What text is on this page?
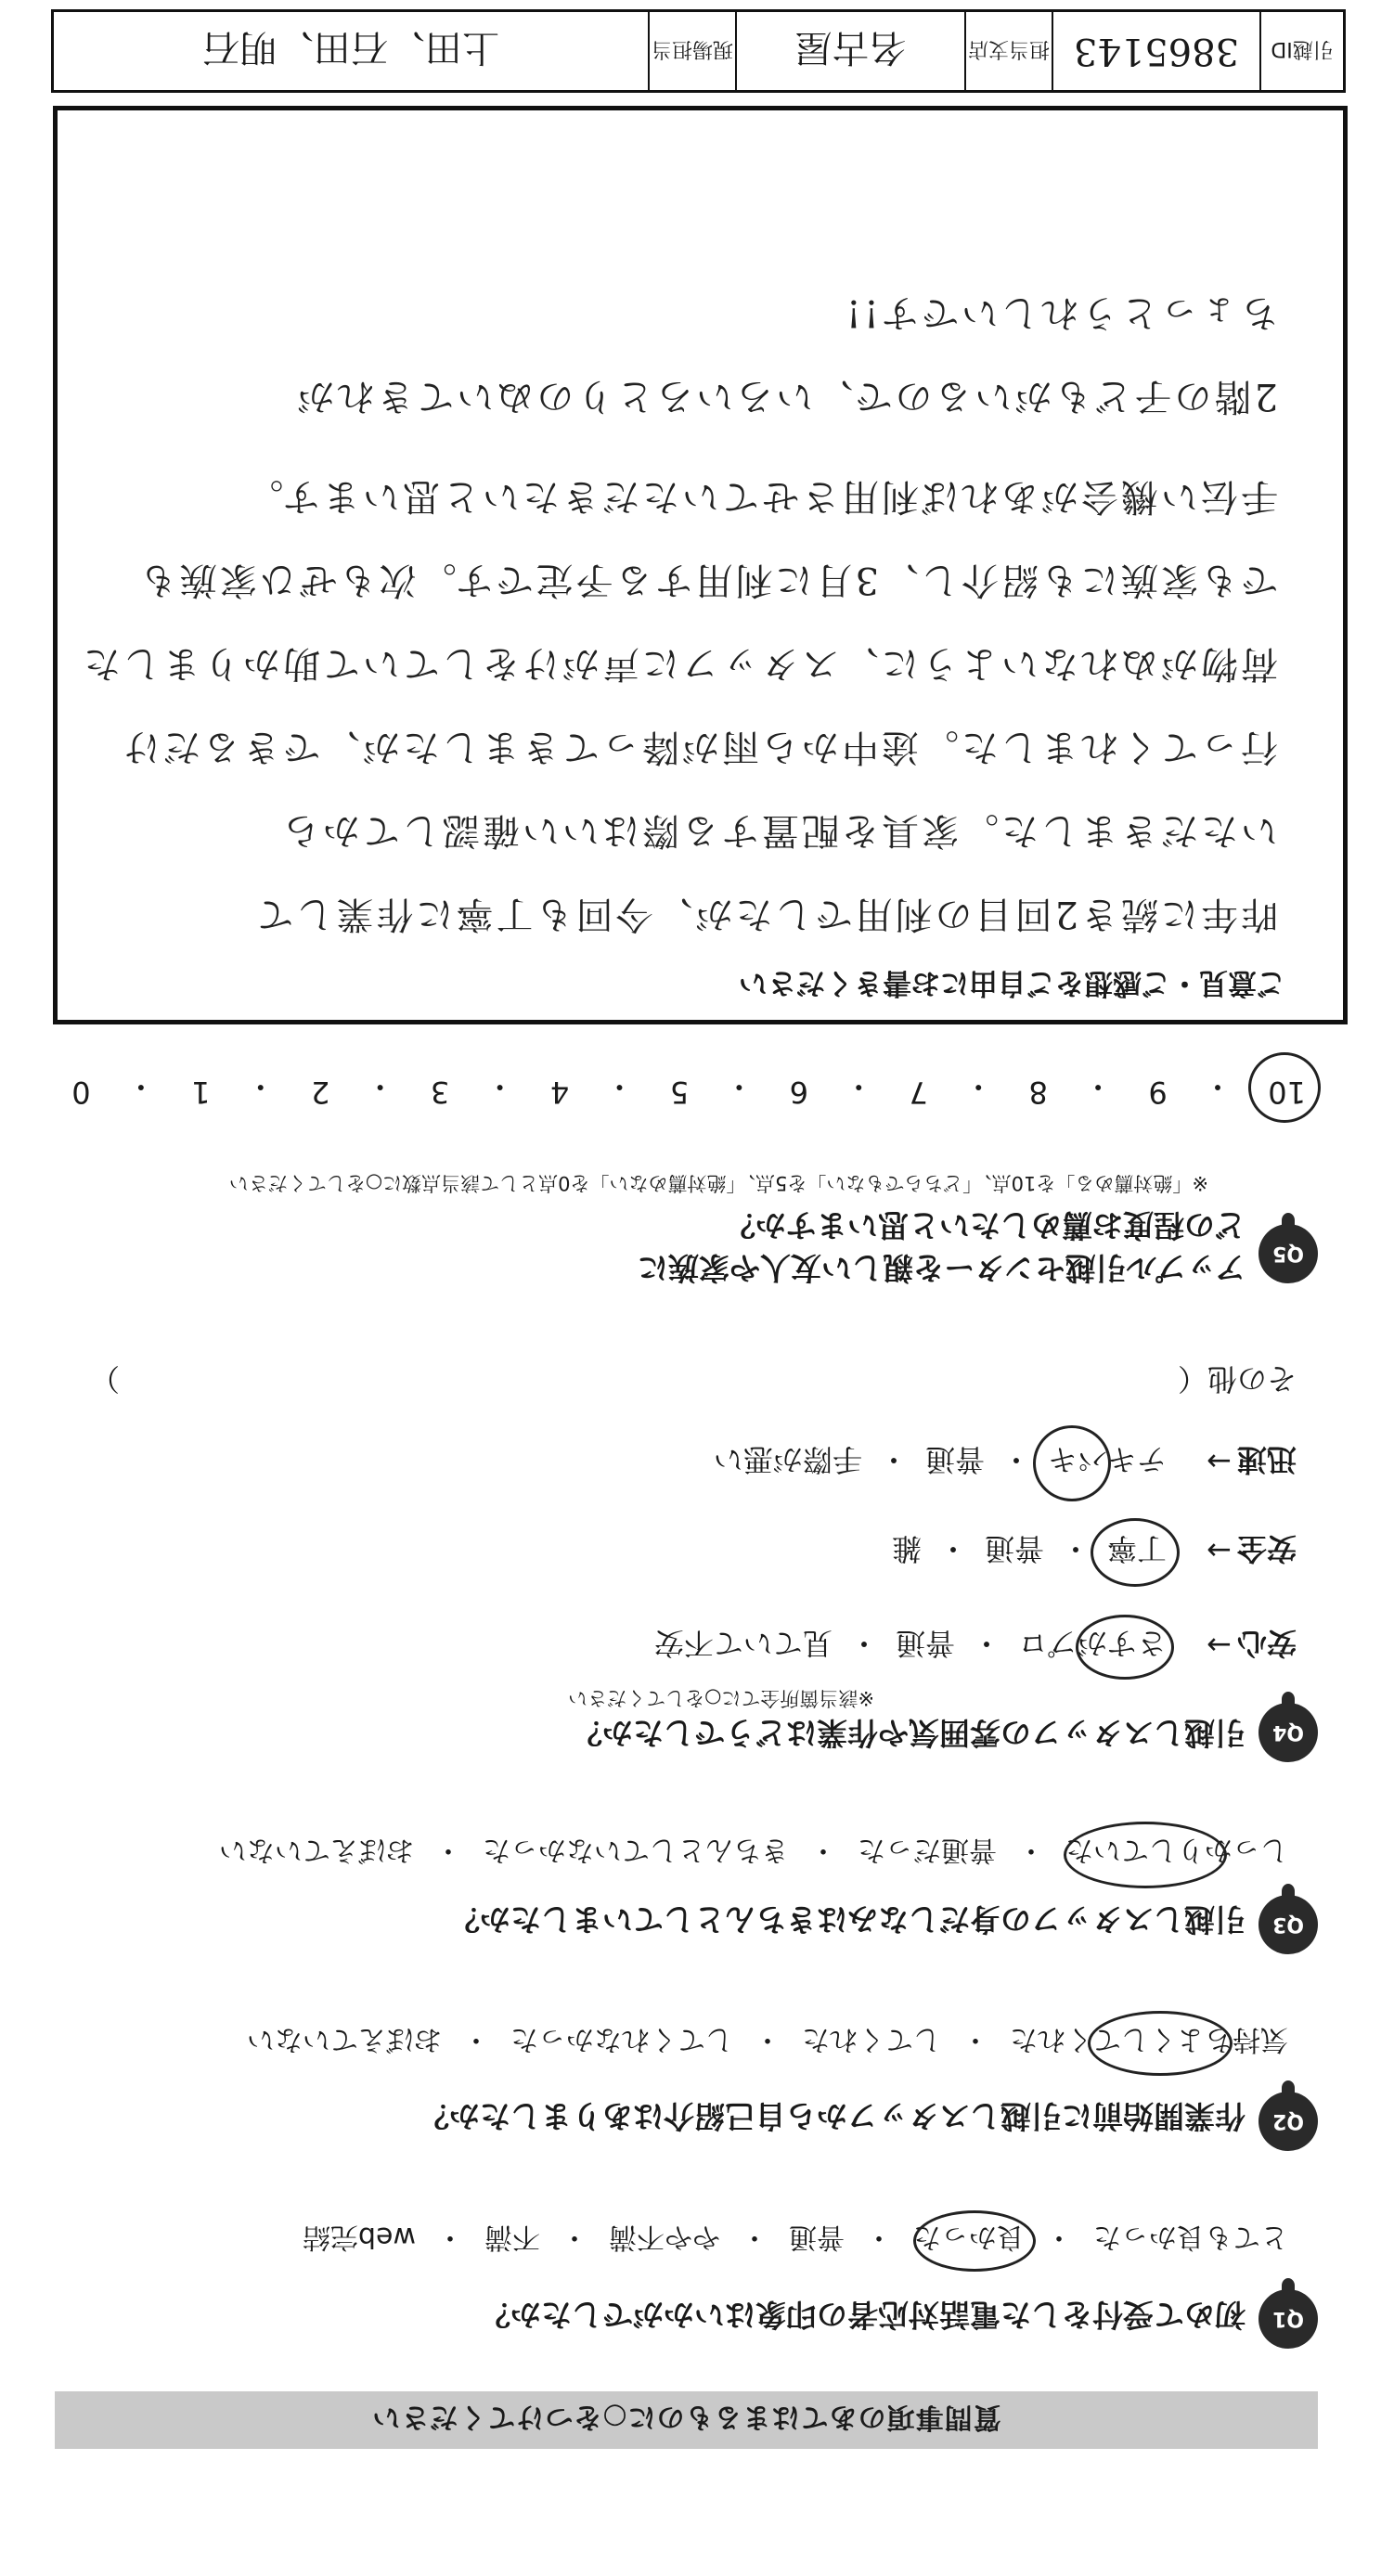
質問事項のあてはまるものに○をつけてください
Q1
初めて受付をした電話対応者の印象はいかがでしたか？
とても良かった
・
良かった
・
普通
・
やや不満
・
不満
・
web完結
Q2
作業開始前に引越しスタッフから自己紹介はありましたか？
気持ちよくしてくれた
・
してくれた
・
してくれなかった
・
おぼえていない
Q3
引越しスタッフの身だしなみはきちんとしていましたか？
しっかりしていた
・
普通だった
・
きちんとしていなかった
・
おぼえていない
Q4
引越しスタッフの雰囲気や作業はどうでしたか？
※該当箇所全てに○をしてください
安心
→
さすがプロ
・
普通
・
見ていて不安
安全
→
丁寧
・
普通
・
雑
迅速
→
テキパキ
・
普通
・
手際が悪い
その他（
）
Q5
アップル引越センターを親しい友人や家族に
どの程度お薦めしたいと思いますか？
※「絶対薦める」を10点、「どちらでもない」を5点、「絶対薦めない」を0点として該当点数に○をしてください
10
・
9
・
8
・
7
・
6
・
5
・
4
・
3
・
2
・
1
・
0
ご意見・ご感想をご自由にお書きください
昨年に続き2回目の利用でしたが、今回も丁寧に作業して
いただきました。家具を配置する際はいい確認してから
行ってくれました。途中から雨が降ってきましたが、できるだけ
荷物がぬれないように、スタッフに声がけをしていて助かりました
でも家族にも紹介し、3月に利用する予定です。次もぜひ家族も
手伝い機会があれば利用させていただきたいと思います。
2階の子どもがいるので、いろいろとりのぬいてきれが
ちょっとうれしいです!!
引越ID
3865143
担当支店
名古屋
現場担当
上田、石田、明石
